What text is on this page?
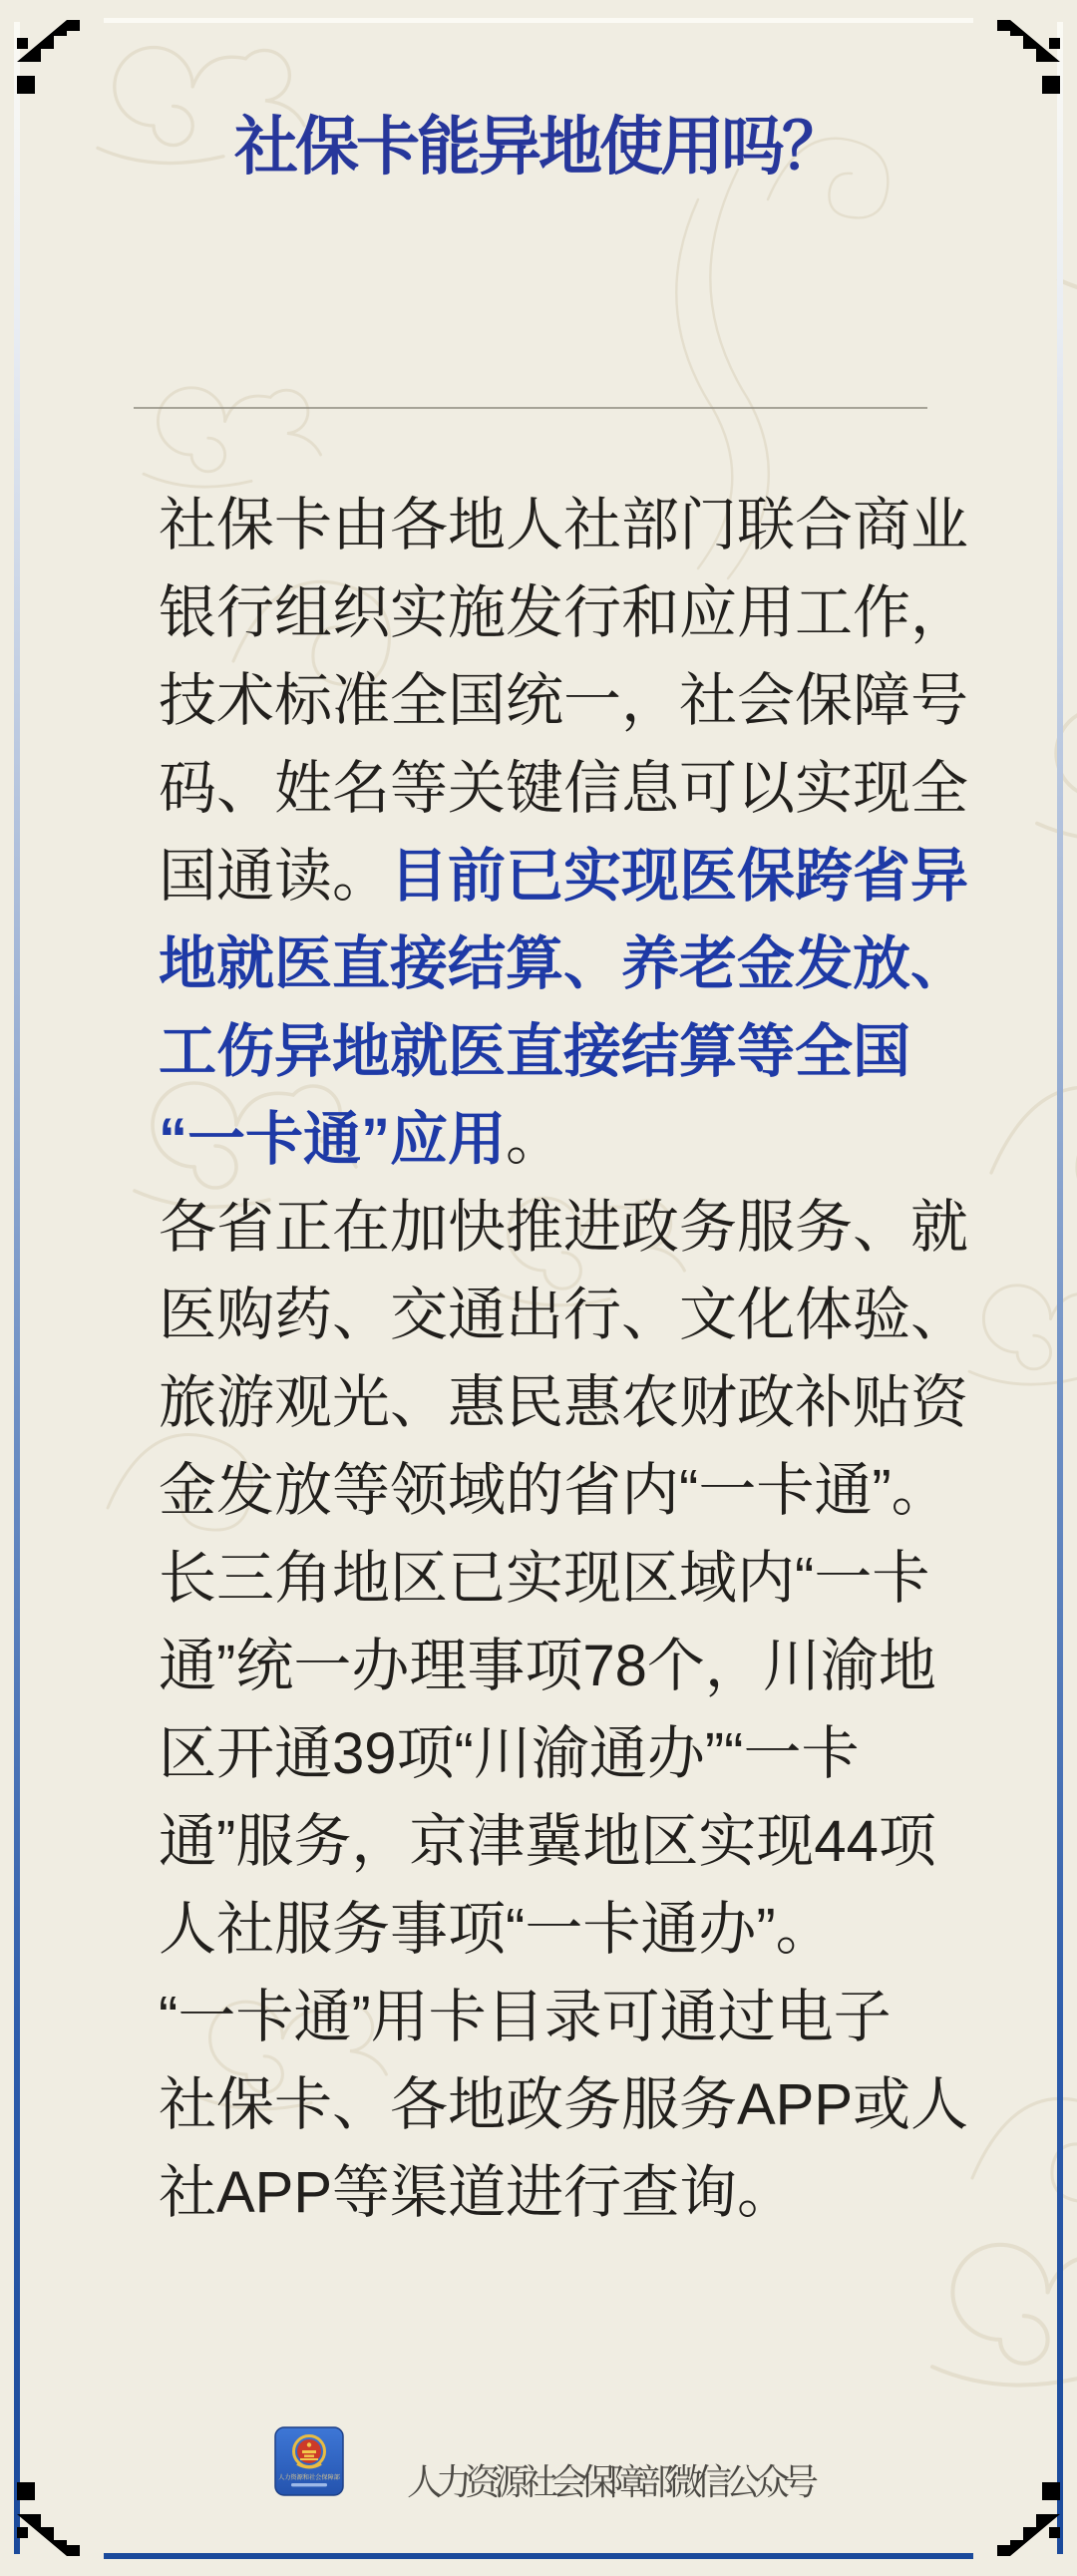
社保卡能异地使用吗？
社保卡由各地人社部门联合商业
银行组织实施发行和应用工作，
技术标准全国统一，社会保障号
码、姓名等关键信息可以实现全
国通读。目前已实现医保跨省异
地就医直接结算、养老金发放、
工伤异地就医直接结算等全国
“一卡通”应用。
各省正在加快推进政务服务、就
医购药、交通出行、文化体验、
旅游观光、惠民惠农财政补贴资
金发放等领域的省内“一卡通”。
长三角地区已实现区域内“一卡
通”统一办理事项78个，川渝地
区开通39项“川渝通办”“一卡
通”服务，京津冀地区实现44项
人社服务事项“一卡通办”。
“一卡通”用卡目录可通过电子
社保卡、各地政务服务APP或人
社APP等渠道进行查询。
人力资源和社会保障部 人力资源社会保障部微信公众号
